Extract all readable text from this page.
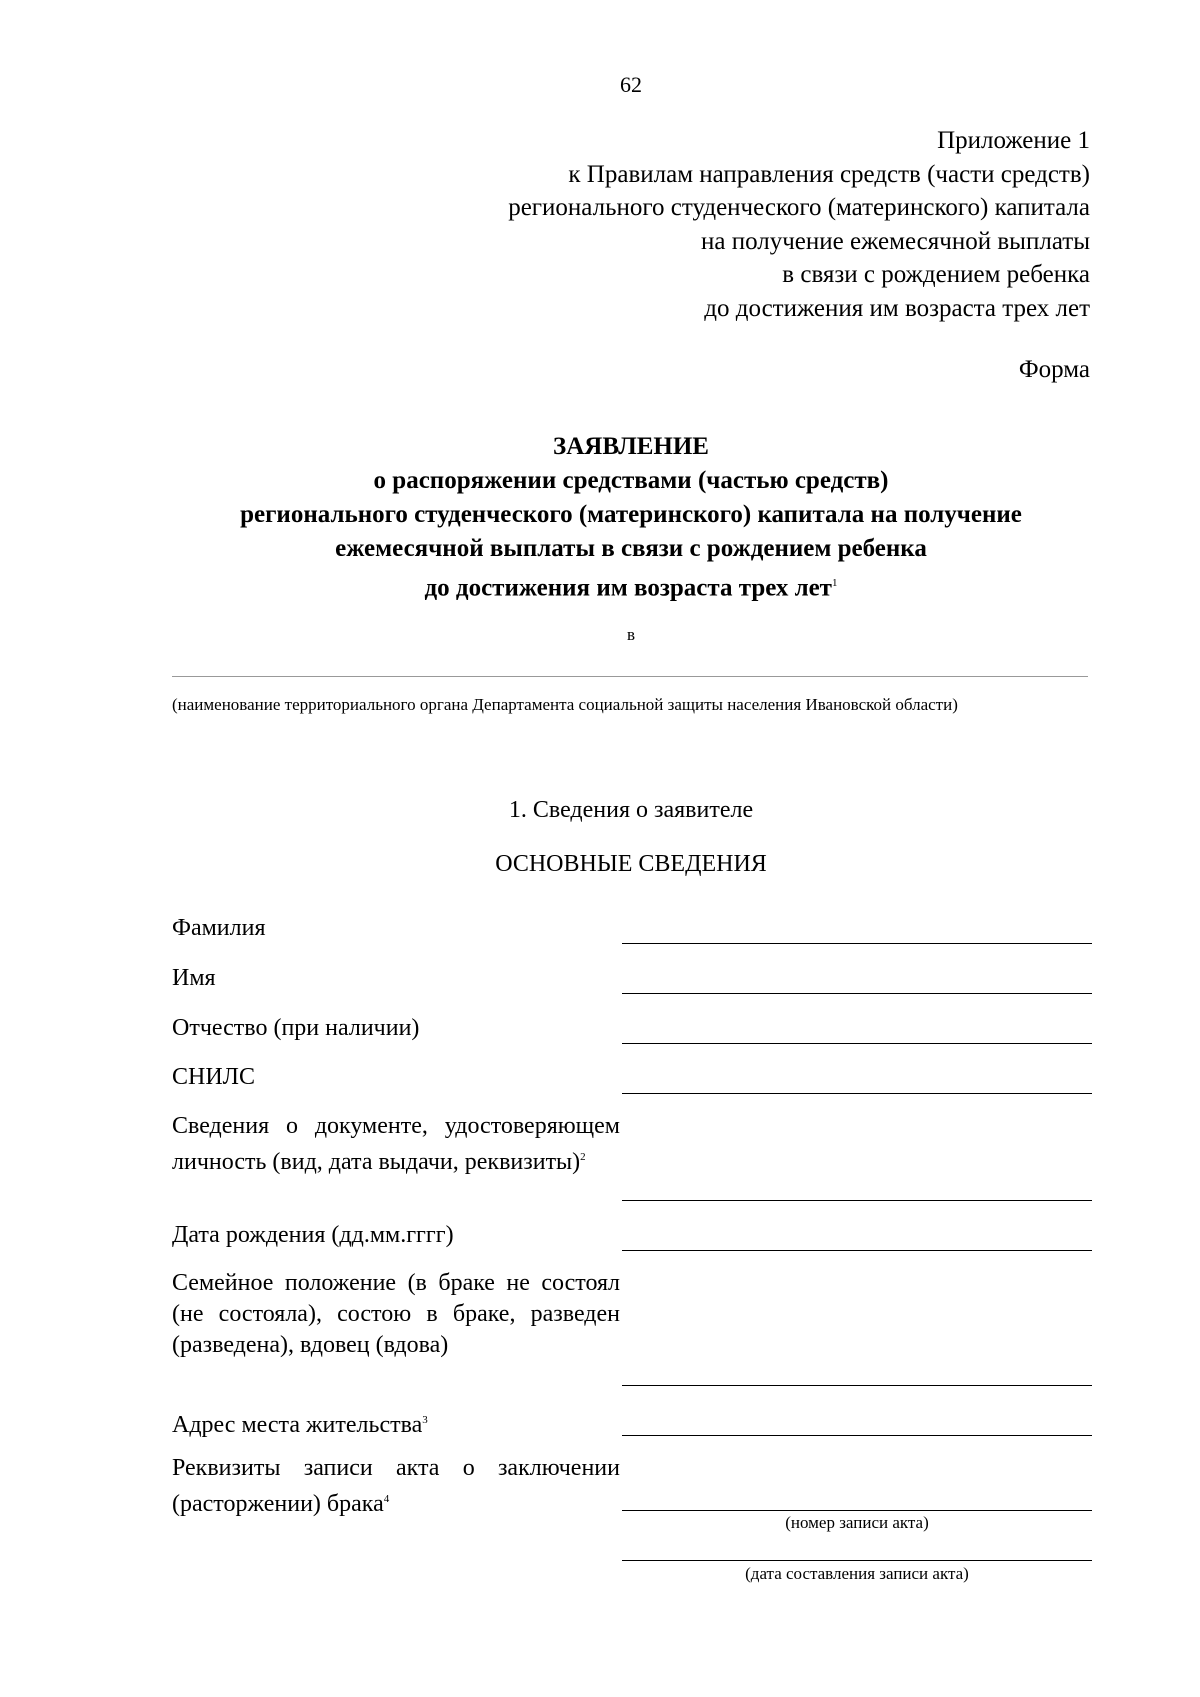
62
Приложение 1
к Правилам направления средств (части средств)
регионального студенческого (материнского) капитала
на получение ежемесячной выплаты
в связи с рождением ребенка
до достижения им возраста трех лет
Форма
ЗАЯВЛЕНИЕ
о распоряжении средствами (частью средств)
регионального студенческого (материнского) капитала на получение
ежемесячной выплаты в связи с рождением ребенка
до достижения им возраста трех лет$^1$
в
(наименование территориального органа Департамента социальной защиты населения Ивановской области)
1. Сведения о заявителе
ОСНОВНЫЕ СВЕДЕНИЯ
Фамилия
Имя
Отчество (при наличии)
СНИЛС
Сведения о документе, удостоверяющем личность (вид, дата выдачи, реквизиты)$^2$
Дата рождения (дд.мм.гггг)
Семейное положение (в браке не состоял (не состояла), состою в браке, разведен (разведена), вдовец (вдова)
Адрес места жительства$^3$
Реквизиты записи акта о заключении (расторжении) брака$^4$
(номер записи акта)
(дата составления записи акта)
